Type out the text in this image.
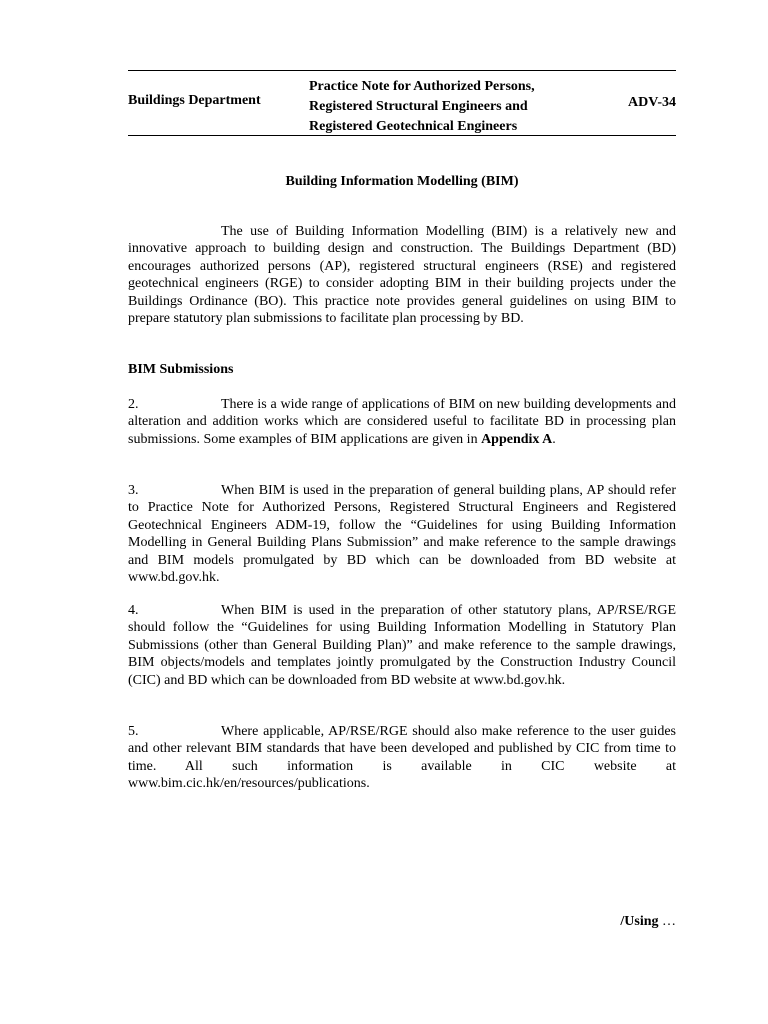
Buildings Department
Practice Note for Authorized Persons,
Registered Structural Engineers and
Registered Geotechnical Engineers
ADV-34
Building Information Modelling (BIM)

The use of Building Information Modelling (BIM) is a relatively new and innovative approach to building design and construction. The Buildings Department (BD) encourages authorized persons (AP), registered structural engineers (RSE) and registered geotechnical engineers (RGE) to consider adopting BIM in their building projects under the Buildings Ordinance (BO). This practice note provides general guidelines on using BIM to prepare statutory plan submissions to facilitate plan processing by BD.

BIM Submissions

2.	There is a wide range of applications of BIM on new building developments and alteration and addition works which are considered useful to facilitate BD in processing plan submissions. Some examples of BIM applications are given in Appendix A.

3.	When BIM is used in the preparation of general building plans, AP should refer to Practice Note for Authorized Persons, Registered Structural Engineers and Registered Geotechnical Engineers ADM-19, follow the “Guidelines for using Building Information Modelling in General Building Plans Submission” and make reference to the sample drawings and BIM models promulgated by BD which can be downloaded from BD website at www.bd.gov.hk.

4.	When BIM is used in the preparation of other statutory plans, AP/RSE/RGE should follow the “Guidelines for using Building Information Modelling in Statutory Plan Submissions (other than General Building Plan)” and make reference to the sample drawings, BIM objects/models and templates jointly promulgated by the Construction Industry Council (CIC) and BD which can be downloaded from BD website at www.bd.gov.hk.

5.	Where applicable, AP/RSE/RGE should also make reference to the user guides and other relevant BIM standards that have been developed and published by CIC from time to time. All such information is available in CIC website at www.bim.cic.hk/en/resources/publications.

/Using …
